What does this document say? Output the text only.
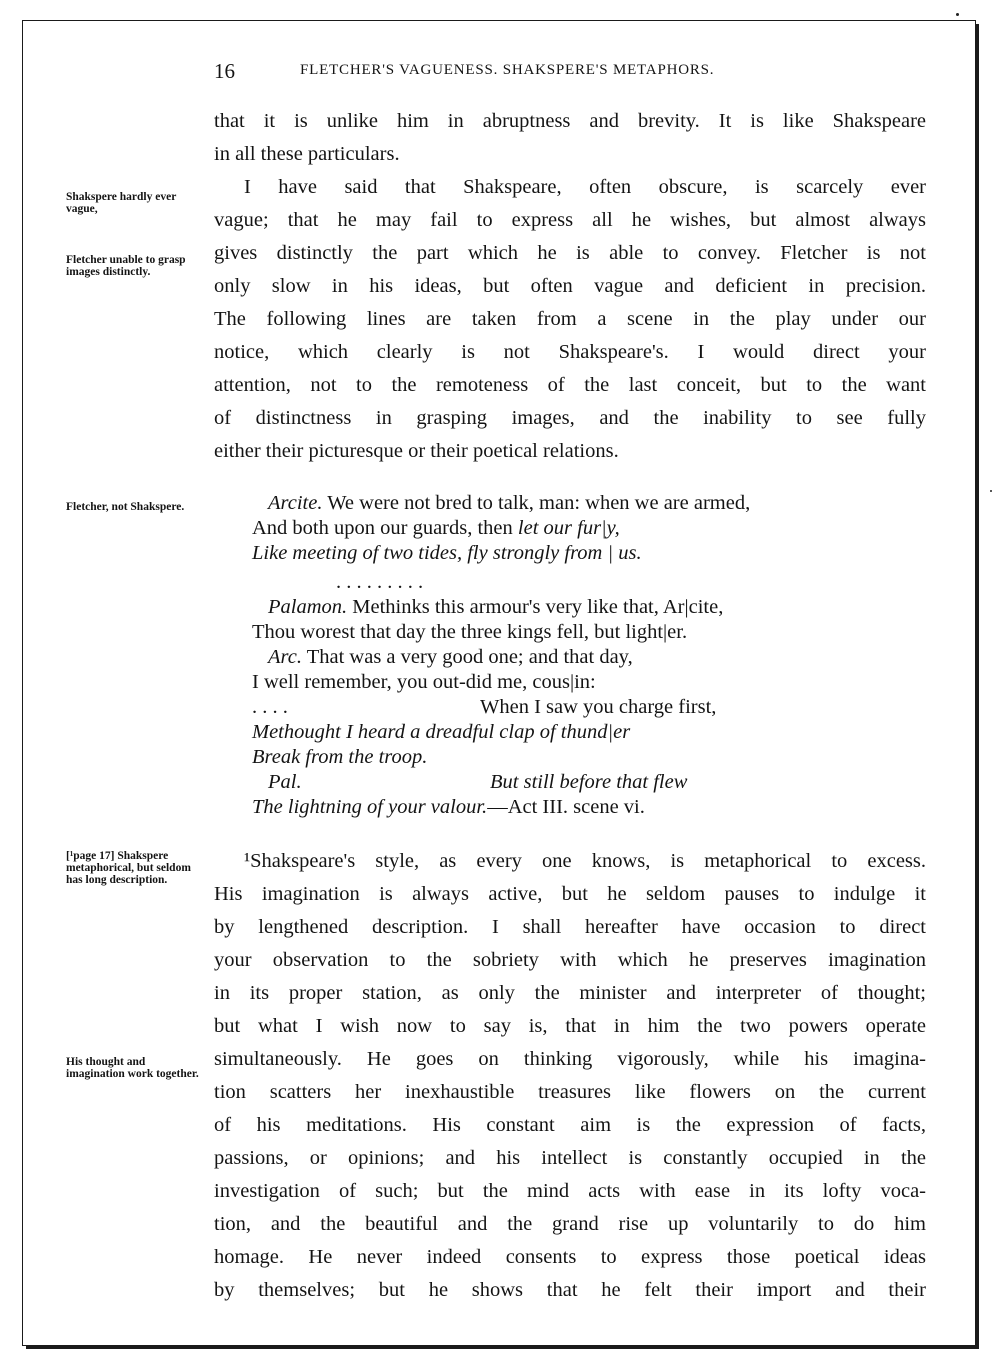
16	FLETCHER'S VAGUENESS. SHAKSPERE'S METAPHORS.
that it is unlike him in abruptness and brevity. It is like Shakspeare
in all these particulars.
I have said that Shakspeare, often obscure, is scarcely ever
vague; that he may fail to express all he wishes, but almost always
gives distinctly the part which he is able to convey. Fletcher is not
only slow in his ideas, but often vague and deficient in precision.
The following lines are taken from a scene in the play under our
notice, which clearly is not Shakspeare's. I would direct your
attention, not to the remoteness of the last conceit, but to the want
of distinctness in grasping images, and the inability to see fully
either their picturesque or their poetical relations.
Shakspere hardly ever vague,
Fletcher unable to grasp images distinctly.
Fletcher, not Shakspere.	Arcite. We were not bred to talk, man: when we are armed,
And both upon our guards, then let our fur|y,
Like meeting of two tides, fly strongly from | us.
. . . . . . . . .
Palamon. Methinks this armour's very like that, Ar|cite,
Thou worest that day the three kings fell, but light|er.
Arc. That was a very good one; and that day,
I well remember, you out-did me, cous|in:
. . . .	When I saw you charge first,
Methought I heard a dreadful clap of thund|er
Break from the troop.
Pal.	But still before that flew
The lightning of your valour.—Act III. scene vi.
[¹page 17] Shakspere metaphorical, but seldom has long description.
His thought and imagination work together.
¹Shakspeare's style, as every one knows, is metaphorical to excess.
His imagination is always active, but he seldom pauses to indulge it
by lengthened description. I shall hereafter have occasion to direct
your observation to the sobriety with which he preserves imagination
in its proper station, as only the minister and interpreter of thought;
but what I wish now to say is, that in him the two powers operate
simultaneously. He goes on thinking vigorously, while his imagina-
tion scatters her inexhaustible treasures like flowers on the current
of his meditations. His constant aim is the expression of facts,
passions, or opinions; and his intellect is constantly occupied in the
investigation of such; but the mind acts with ease in its lofty voca-
tion, and the beautiful and the grand rise up voluntarily to do him
homage. He never indeed consents to express those poetical ideas
by themselves; but he shows that he felt their import and their
